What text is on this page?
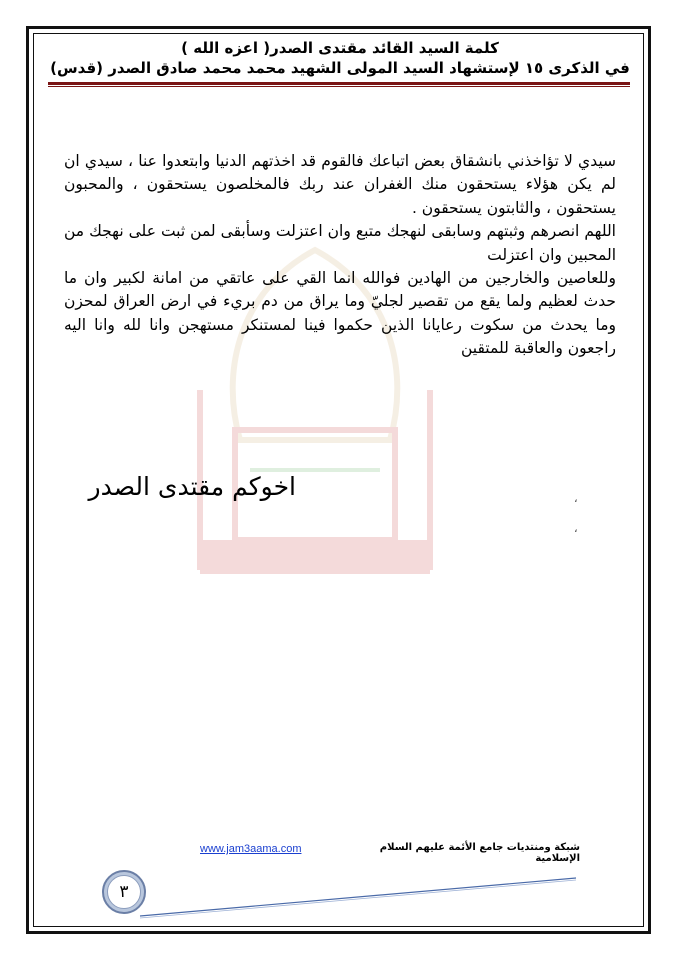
كلمة السيد القائد مقتدى الصدر( اعزه الله )
في الذكرى ١٥ لإستشهاد السيد المولى الشهيد محمد محمد صادق الصدر (قدس)

سيدي لا تؤاخذني بانشقاق بعض اتباعك فالقوم قد اخذتهم الدنيا وابتعدوا عنا ، سيدي ان لم يكن هؤلاء يستحقون منك الغفران عند ربك فالمخلصون يستحقون ، والمحبون يستحقون ، والثابتون يستحقون .

اللهم انصرهم وثبتهم وسابقى لنهجك متبع وان اعتزلت وسأبقى لمن ثبت على نهجك من المحبين وان اعتزلت

وللعاصين والخارجين من الهادين فوالله انما القي على عاتقي من امانة لكبير وان ما حدث لعظيم ولما يقع من تقصير لجليّ وما يراق من دم بريء في ارض العراق لمحزن وما يحدث من سكوت رعايانا الذين حكموا فينا لمستنكر مستهجن وانا لله وانا اليه راجعون والعاقبة للمتقين

اخوكم مقتدى الصدر	،
،
www.jam3aama.com	شبكة ومنتديات جامع الأئمة عليهم السلام الإسلامية
٣
